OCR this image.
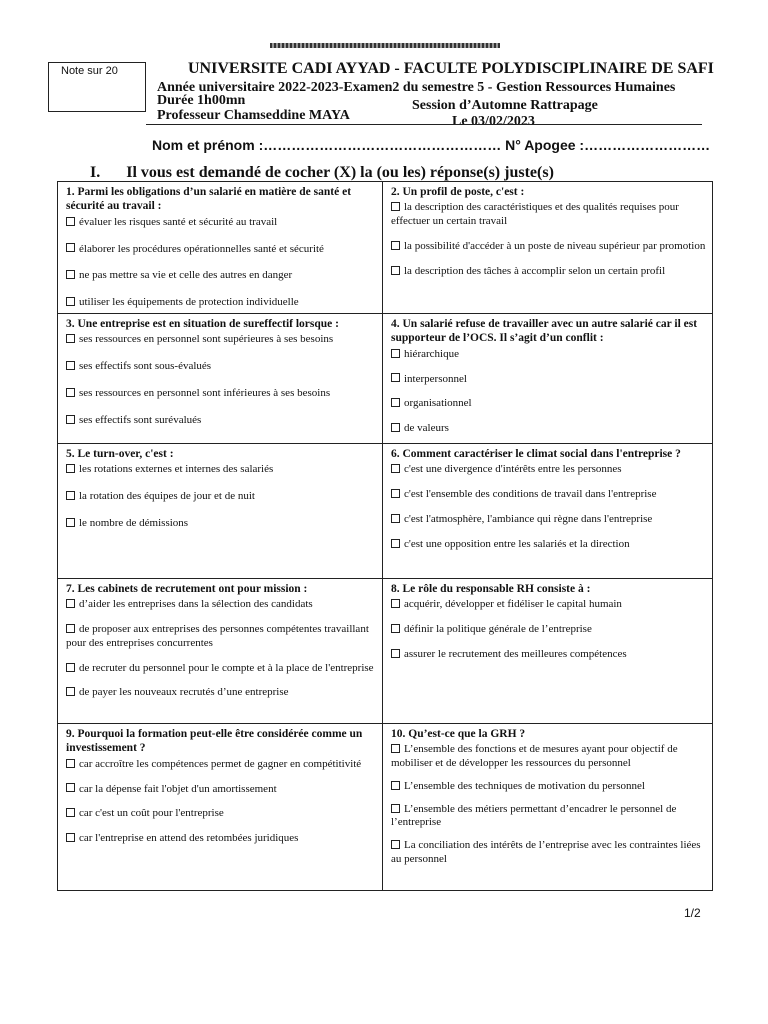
Note sur 20	UNIVERSITE CADI AYYAD - FACULTE POLYDISCIPLINAIRE DE SAFI
Année universitaire 2022-2023-Examen2 du semestre 5 - Gestion Ressources Humaines
Durée 1h00mn
Professeur Chamseddine MAYA
Session d’Automne Rattrapage
Le 03/02/2023
Nom et prénom :…………………………………………… N° Apogee :………………………
I. Il vous est demandé de cocher (X) la (ou les) réponse(s) juste(s)
1. Parmi les obligations d’un salarié en matière de santé et sécurité au travail :
évaluer les risques santé et sécurité au travail
élaborer les procédures opérationnelles santé et sécurité
ne pas mettre sa vie et celle des autres en danger
utiliser les équipements de protection individuelle
2. Un profil de poste, c'est :
la description des caractéristiques et des qualités requises pour effectuer un certain travail
la possibilité d'accéder à un poste de niveau supérieur par promotion
la description des tâches à accomplir selon un certain profil
3. Une entreprise est en situation de sureffectif lorsque :
ses ressources en personnel sont supérieures à ses besoins
ses effectifs sont sous-évalués
ses ressources en personnel sont inférieures à ses besoins
ses effectifs sont surévalués
4. Un salarié refuse de travailler avec un autre salarié car il est supporteur de l’OCS. Il s’agit d’un conflit :
hiérarchique
interpersonnel
organisationnel
de valeurs
5. Le turn-over, c'est :
les rotations externes et internes des salariés
la rotation des équipes de jour et de nuit
le nombre de démissions
6. Comment caractériser le climat social dans l'entreprise ?
c'est une divergence d'intérêts entre les personnes
c'est l'ensemble des conditions de travail dans l'entreprise
c'est l'atmosphère, l'ambiance qui règne dans l'entreprise
c'est une opposition entre les salariés et la direction
7. Les cabinets de recrutement ont pour mission :
d’aider les entreprises dans la sélection des candidats
de proposer aux entreprises des personnes compétentes travaillant pour des entreprises concurrentes
de recruter du personnel pour le compte et à la place de l'entreprise
de payer les nouveaux recrutés d’une entreprise
8. Le rôle du responsable RH consiste à :
acquérir, développer et fidéliser le capital humain
définir la politique générale de l’entreprise
assurer le recrutement des meilleures compétences
9. Pourquoi la formation peut-elle être considérée comme un investissement ?
car accroître les compétences permet de gagner en compétitivité
car la dépense fait l'objet d'un amortissement
car c'est un coût pour l'entreprise
car l'entreprise en attend des retombées juridiques
10. Qu’est-ce que la GRH ?
L’ensemble des fonctions et de mesures ayant pour objectif de mobiliser et de développer les ressources du personnel
L’ensemble des techniques de motivation du personnel
L’ensemble des métiers permettant d’encadrer le personnel de l’entreprise
La conciliation des intérêts de l’entreprise avec les contraintes liées au personnel
1/2
